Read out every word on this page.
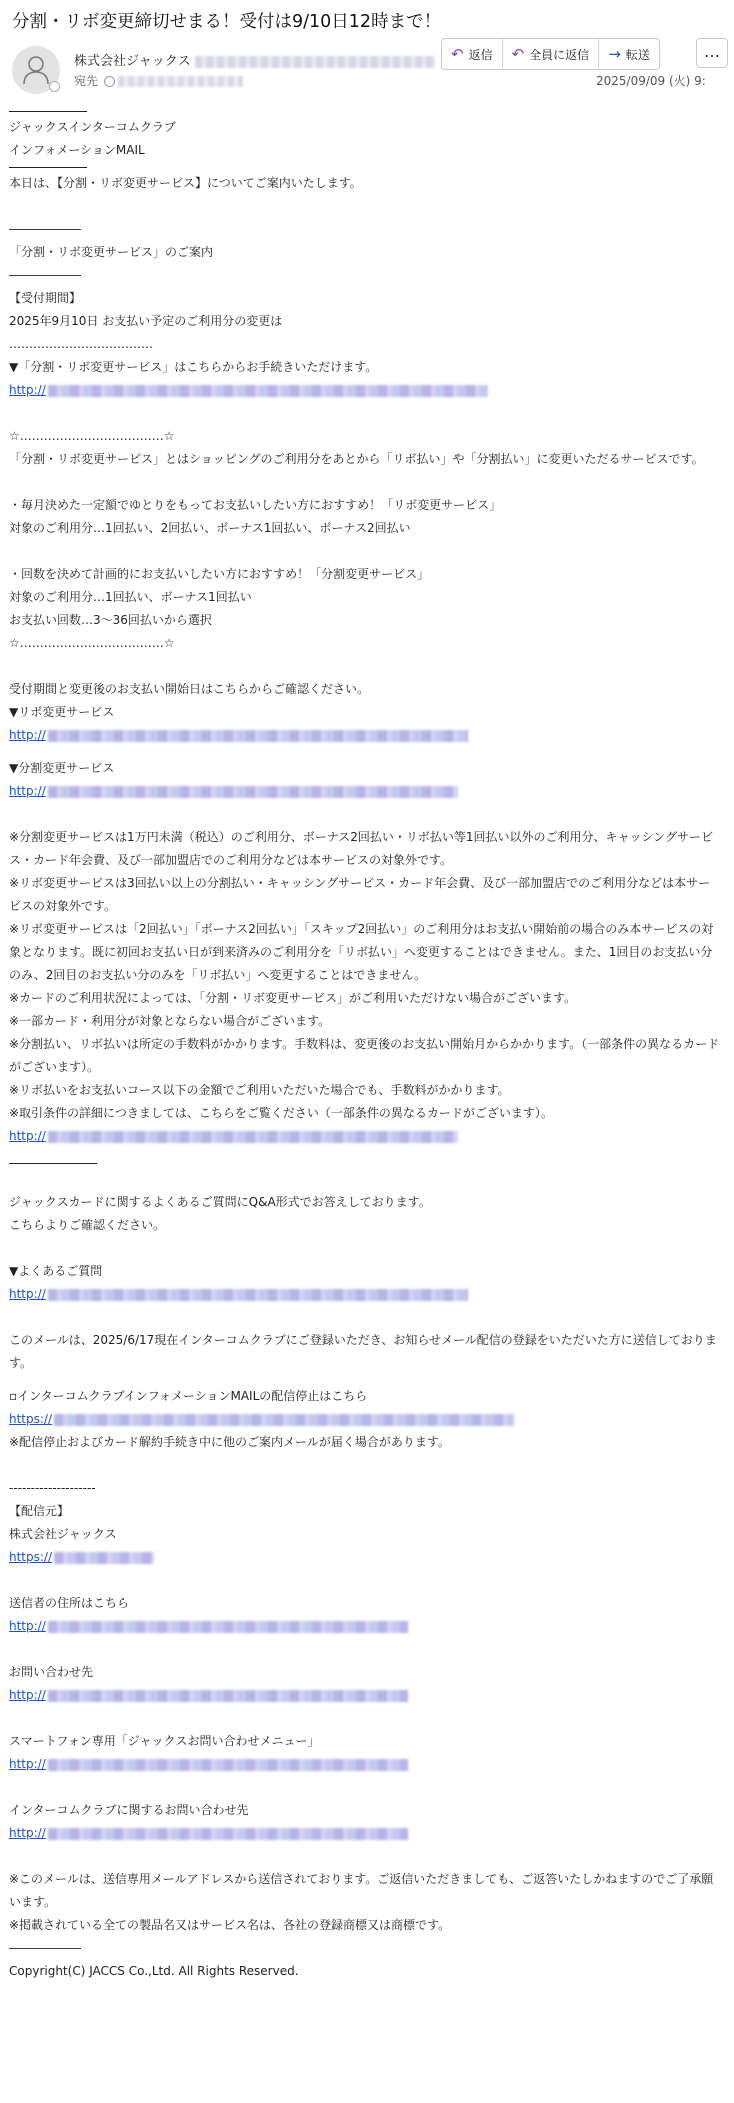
分割・リボ変更締切せまる！受付は9/10日12時まで！
株式会社ジャックス
宛先
↶ 返信 ↶ 全員に返信 → 転送	…
2025/09/09 (火) 9:
ジャックスインターコムクラブ
インフォメーションMAIL
本日は、【分割・リボ変更サービス】についてご案内いたします。
――――――
「分割・リボ変更サービス」のご案内
――――――
【受付期間】
2025年9月10日 お支払い予定のご利用分の変更は
………………………………
▼「分割・リボ変更サービス」はこちらからお手続きいただけます。
http://
☆………………………………☆
「分割・リボ変更サービス」とはショッピングのご利用分をあとから「リボ払い」や「分割払い」に変更いただるサービスです。
・毎月決めた一定額でゆとりをもってお支払いしたい方におすすめ！「リボ変更サービス」
対象のご利用分…1回払い、2回払い、ボーナス1回払い、ボーナス2回払い
・回数を決めて計画的にお支払いしたい方におすすめ！「分割変更サービス」
対象のご利用分…1回払い、ボーナス1回払い
お支払い回数…3～36回払いから選択
☆………………………………☆
受付期間と変更後のお支払い開始日はこちらからご確認ください。
▼リボ変更サービス
http://
▼分割変更サービス
http://
※分割変更サービスは1万円未満（税込）のご利用分、ボーナス2回払い・リボ払い等1回払い以外のご利用分、キャッシングサービス・カード年会費、及び一部加盟店でのご利用分などは本サービスの対象外です。
※リボ変更サービスは3回払い以上の分割払い・キャッシングサービス・カード年会費、及び一部加盟店でのご利用分などは本サービスの対象外です。
※リボ変更サービスは「2回払い」「ボーナス2回払い」「スキップ2回払い」のご利用分はお支払い開始前の場合のみ本サービスの対象となります。既に初回お支払い日が到来済みのご利用分を「リボ払い」へ変更することはできません。また、1回目のお支払い分のみ、2回目のお支払い分のみを「リボ払い」へ変更することはできません。
※カードのご利用状況によっては、「分割・リボ変更サービス」がご利用いただけない場合がございます。
※一部カード・利用分が対象とならない場合がございます。
※分割払い、リボ払いは所定の手数料がかかります。手数料は、変更後のお支払い開始月からかかります。（一部条件の異なるカードがございます）。
※リボ払いをお支払いコース以下の金額でご利用いただいた場合でも、手数料がかかります。
※取引条件の詳細につきましては、こちらをご覧ください（一部条件の異なるカードがございます）。
http://
ジャックスカードに関するよくあるご質問にQ&A形式でお答えしております。
こちらよりご確認ください。
▼よくあるご質問
http://
このメールは、2025/6/17現在インターコムクラブにご登録いただき、お知らせメール配信の登録をいただいた方に送信しております。
▫インターコムクラブインフォメーションMAILの配信停止はこちら
https://
※配信停止およびカード解約手続き中に他のご案内メールが届く場合があります。
--------------------
【配信元】
株式会社ジャックス
https://
送信者の住所はこちら
http://
お問い合わせ先
http://
スマートフォン専用「ジャックスお問い合わせメニュー」
http://
インターコムクラブに関するお問い合わせ先
http://
※このメールは、送信専用メールアドレスから送信されております。ご返信いただきましても、ご返答いたしかねますのでご了承願います。
※掲載されている全ての製品名又はサービス名は、各社の登録商標又は商標です。
――――――
Copyright(C) JACCS Co.,Ltd. All Rights Reserved.
